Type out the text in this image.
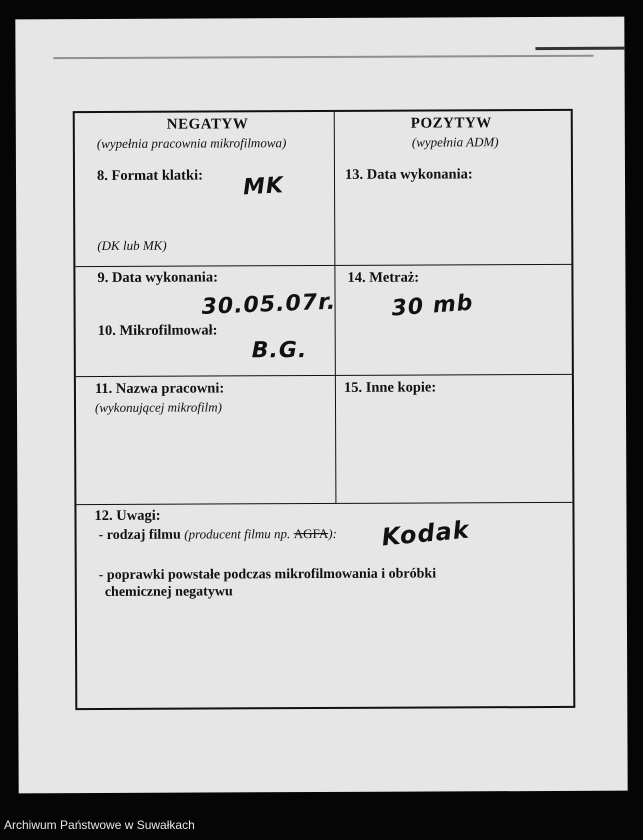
NEGATYW
(wypełnia pracownia mikrofilmowa)
POZYTYW
(wypełnia ADM)
8. Format klatki: MK
(DK lub MK)
13. Data wykonania:
9. Data wykonania:
30.05.07r.
14. Metraż:
30 mb
10. Mikrofilmował:
B.G.
11. Nazwa pracowni:
(wykonującej mikrofilm)
15. Inne kopie:
12. Uwagi:
- rodzaj filmu (producent filmu np. AGFA): Kodak
- poprawki powstałe podczas mikrofilmowania i obróbki
chemicznej negatywu
Archiwum Państwowe w Suwałkach
